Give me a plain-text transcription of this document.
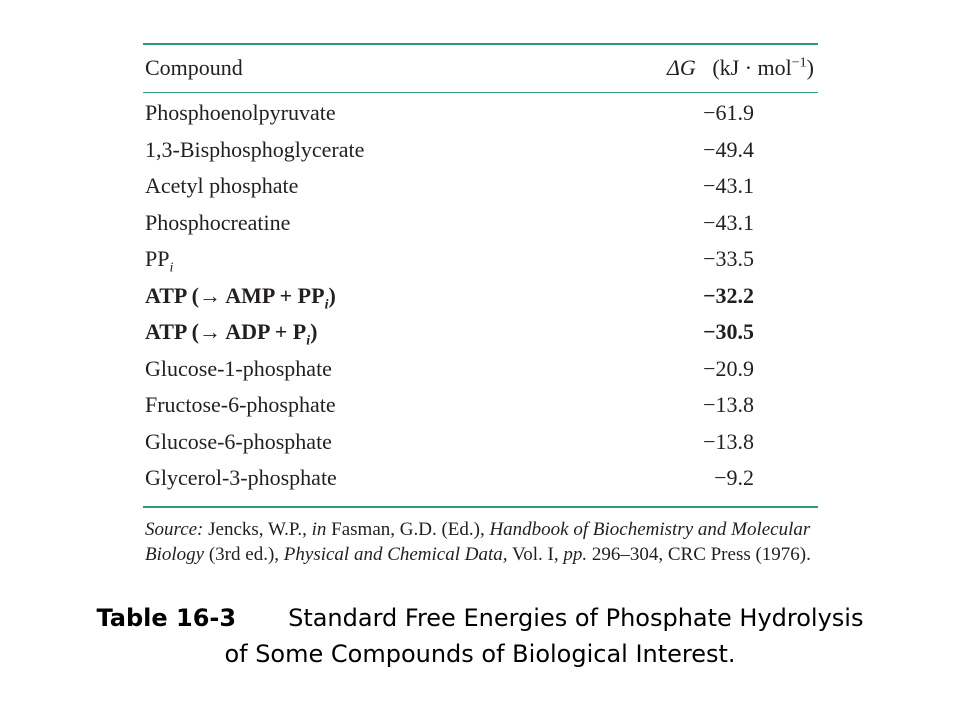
Compound	ΔG (kJ · mol$^{-1}$)
Phosphoenolpyruvate	−61.9
1,3-Bisphosphoglycerate	−49.4
Acetyl phosphate	−43.1
Phosphocreatine	−43.1
$PP_i$	−33.5
ATP (→ AMP + $PP_i$)	−32.2
ATP (→ ADP + $P_i$)	−30.5
Glucose-1-phosphate	−20.9
Fructose-6-phosphate	−13.8
Glucose-6-phosphate	−13.8
Glycerol-3-phosphate	−9.2
Source: Jencks, W.P., in Fasman, G.D. (Ed.), Handbook of Biochemistry and Molecular Biology (3rd ed.), Physical and Chemical Data, Vol. I, pp. 296–304, CRC Press (1976).
Table 16-3 Standard Free Energies of Phosphate Hydrolysis
of Some Compounds of Biological Interest.
